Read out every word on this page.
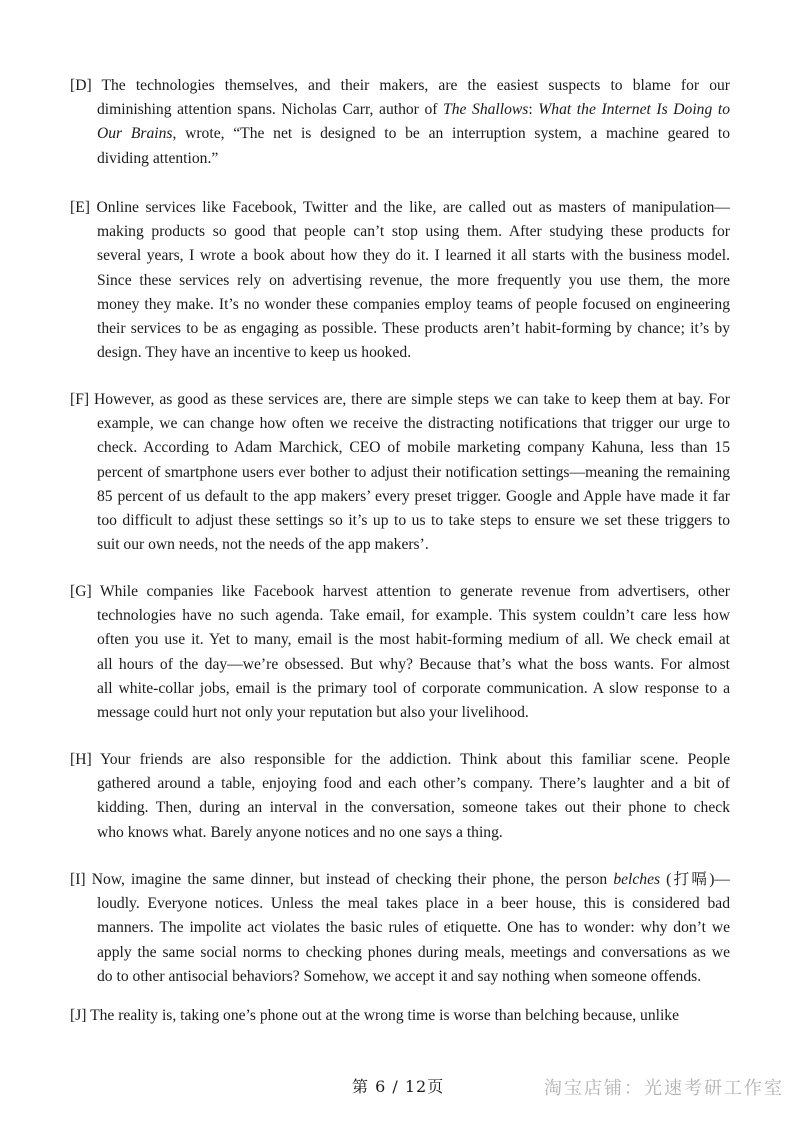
[D] The technologies themselves, and their makers, are the easiest suspects to blame for our
diminishing attention spans. Nicholas Carr, author of The Shallows: What the Internet Is Doing to
Our Brains, wrote, “The net is designed to be an interruption system, a machine geared to
dividing attention.”
[E] Online services like Facebook, Twitter and the like, are called out as masters of manipulation—
making products so good that people can’t stop using them. After studying these products for
several years, I wrote a book about how they do it. I learned it all starts with the business model.
Since these services rely on advertising revenue, the more frequently you use them, the more
money they make. It’s no wonder these companies employ teams of people focused on engineering
their services to be as engaging as possible. These products aren’t habit-forming by chance; it’s by
design. They have an incentive to keep us hooked.
[F] However, as good as these services are, there are simple steps we can take to keep them at bay. For
example, we can change how often we receive the distracting notifications that trigger our urge to
check. According to Adam Marchick, CEO of mobile marketing company Kahuna, less than 15
percent of smartphone users ever bother to adjust their notification settings—meaning the remaining
85 percent of us default to the app makers’ every preset trigger. Google and Apple have made it far
too difficult to adjust these settings so it’s up to us to take steps to ensure we set these triggers to
suit our own needs, not the needs of the app makers’.
[G] While companies like Facebook harvest attention to generate revenue from advertisers, other
technologies have no such agenda. Take email, for example. This system couldn’t care less how
often you use it. Yet to many, email is the most habit-forming medium of all. We check email at
all hours of the day—we’re obsessed. But why? Because that’s what the boss wants. For almost
all white-collar jobs, email is the primary tool of corporate communication. A slow response to a
message could hurt not only your reputation but also your livelihood.
[H] Your friends are also responsible for the addiction. Think about this familiar scene. People
gathered around a table, enjoying food and each other’s company. There’s laughter and a bit of
kidding. Then, during an interval in the conversation, someone takes out their phone to check
who knows what. Barely anyone notices and no one says a thing.
[I] Now, imagine the same dinner, but instead of checking their phone, the person belches (打嗝)—
loudly. Everyone notices. Unless the meal takes place in a beer house, this is considered bad
manners. The impolite act violates the basic rules of etiquette. One has to wonder: why don’t we
apply the same social norms to checking phones during meals, meetings and conversations as we
do to other antisocial behaviors? Somehow, we accept it and say nothing when someone offends.
[J] The reality is, taking one’s phone out at the wrong time is worse than belching because, unlike
第 6 / 12页	淘宝店铺：光速考研工作室
